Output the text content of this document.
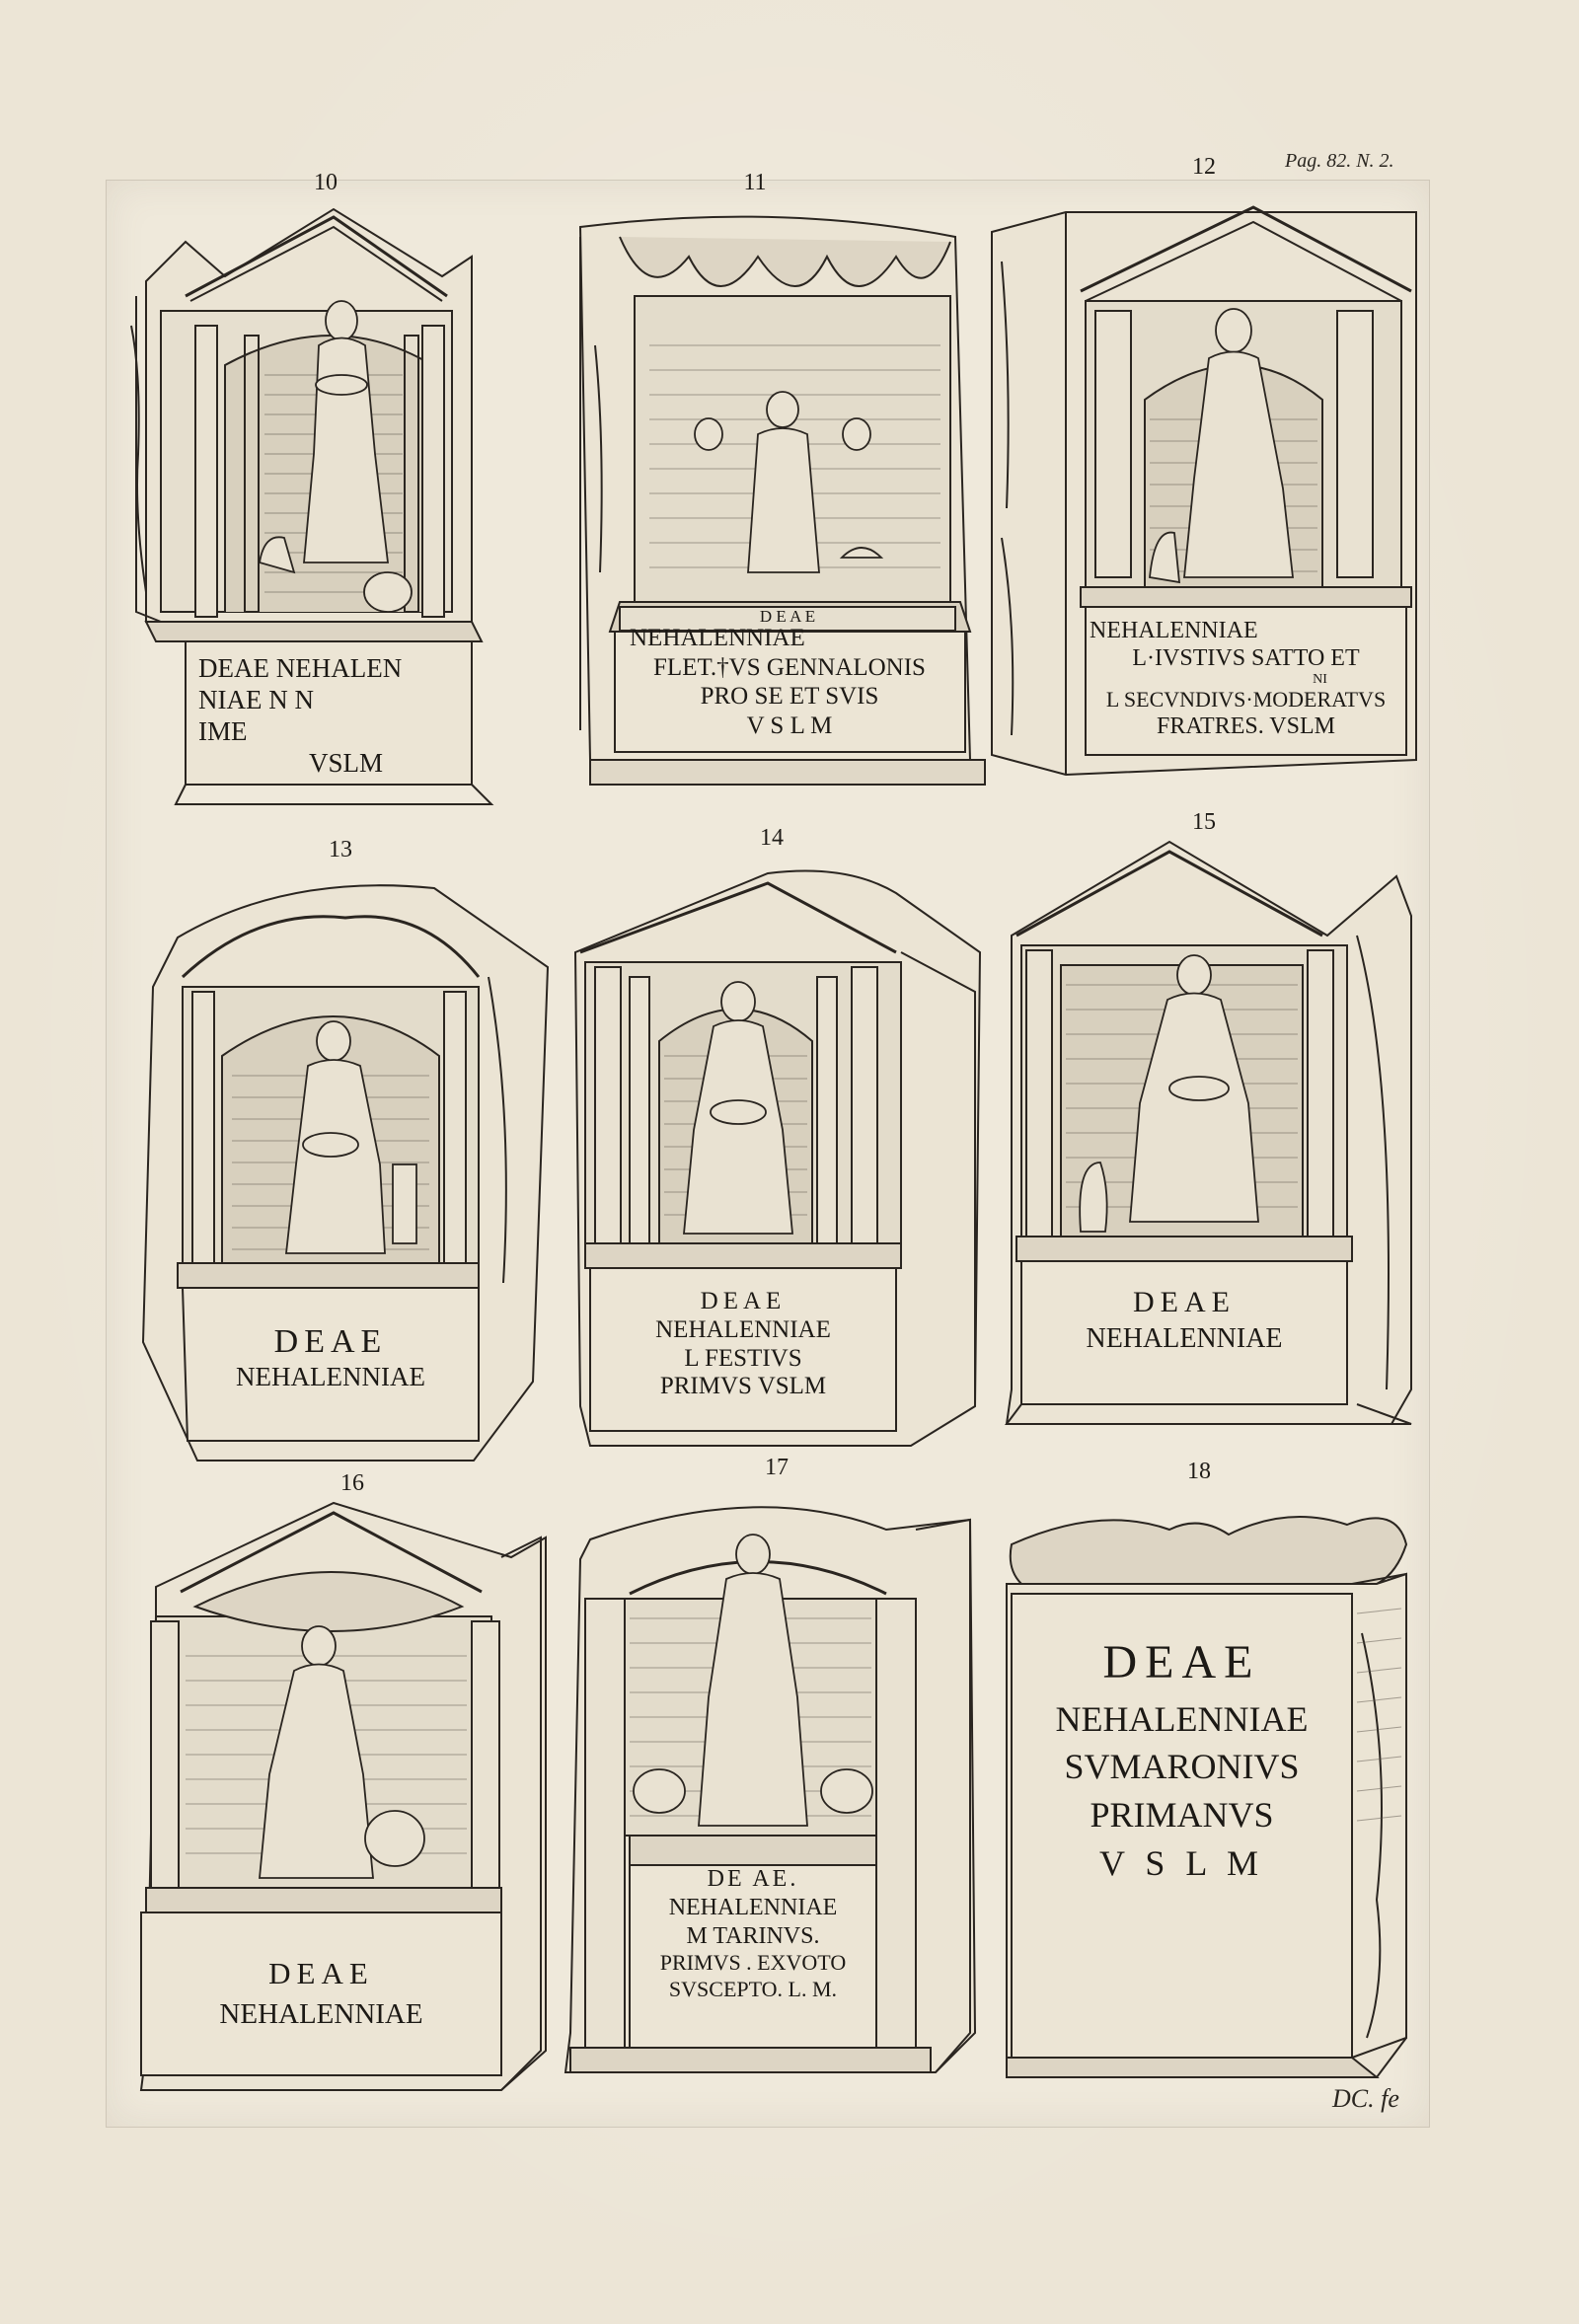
Pag. 82. N. 2.
10
DEAE NEHALEN
NIAE N N
IME
VSLM
11
D E A E
NEHALENNIAE
FLET.†VS GENNALONIS
PRO SE ET SVIS
V S L M
12
NEHALENNIAE
L·IVSTIVS SATTO ET
NI
L SECVNDIVS·MODERATVS
FRATRES. VSLM
13
DEAE
NEHALENNIAE
14
DEAE
NEHALENNIAE
L FESTIVS
PRIMVS VSLM
15
DEAE
NEHALENNIAE
16
DEAE
NEHALENNIAE
17
DE AE.
NEHALENNIAE
M TARINVS.
PRIMVS . EXVOTO
SVSCEPTO. L. M.
18
DEAE
NEHALENNIAE
SVMARONIVS
PRIMANVS
V S L M
DC. fe
